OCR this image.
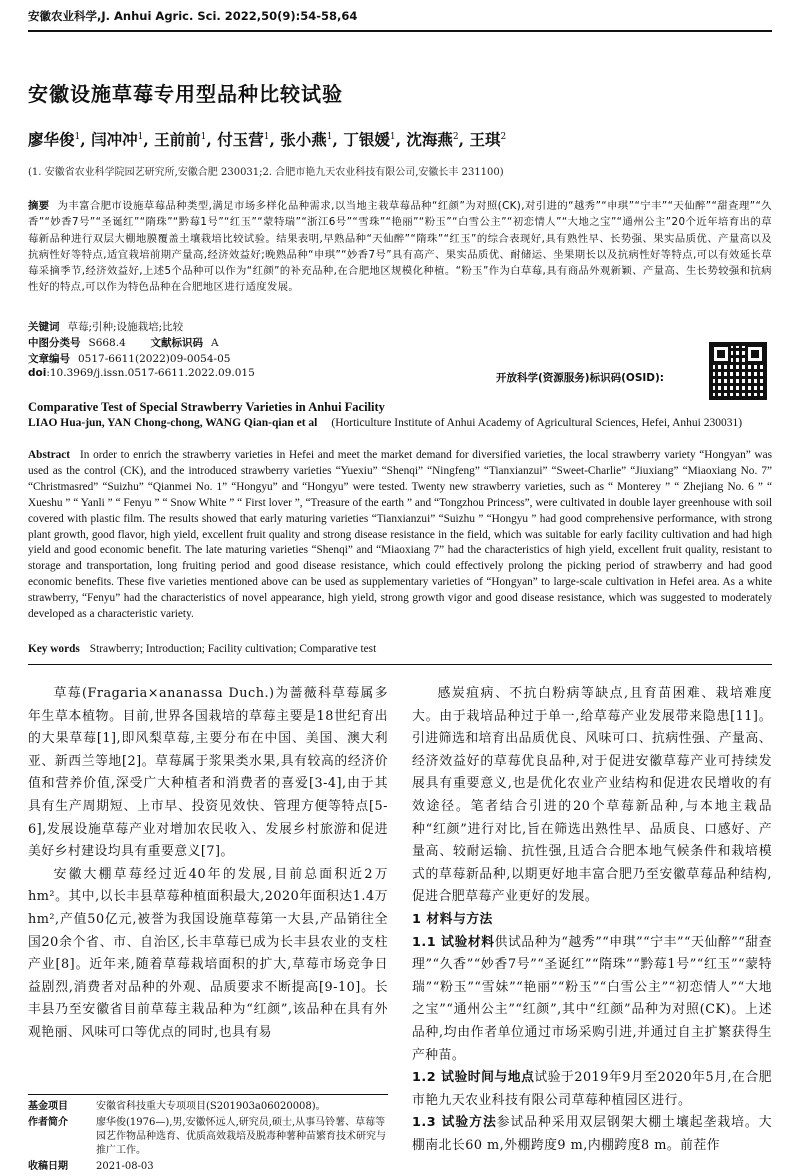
安徽农业科学,J. Anhui Agric. Sci. 2022,50(9):54-58,64
安徽设施草莓专用型品种比较试验
廖华俊$^1$, 闫冲冲$^1$, 王前前$^1$, 付玉营$^1$, 张小燕$^1$, 丁银媛$^1$, 沈海燕$^2$, 王琪$^2$
(1. 安徽省农业科学院园艺研究所,安徽合肥 230031;2. 合肥市艳九天农业科技有限公司,安徽长丰 231100)
摘要 为丰富合肥市设施草莓品种类型,满足市场多样化品种需求,以当地主栽草莓品种“红颜”为对照(CK),对引进的“越秀”“申琪”“宁丰”“天仙醉”“甜查理”“久香”“妙香7号”“圣诞红”“隋珠”“黔莓1号”“红玉”“蒙特瑞”“浙江6号”“雪珠”“艳丽”“粉玉”“白雪公主”“初恋情人”“大地之宝”“通州公主”20个近年培育出的草莓新品种进行双层大棚地膜覆盖土壤栽培比较试验。结果表明,早熟品种“天仙醉”“隋珠”“红玉”的综合表现好,具有熟性早、长势强、果实品质优、产量高以及抗病性好等特点,适宜栽培前期产量高,经济效益好;晚熟品种“申琪”“妙香7号”具有高产、果实品质优、耐储运、坐果期长以及抗病性好等特点,可以有效延长草莓采摘季节,经济效益好,上述5个品种可以作为“红颜”的补充品种,在合肥地区规模化种植。“粉玉”作为白草莓,具有商品外观新颖、产量高、生长势较强和抗病性好的特点,可以作为特色品种在合肥地区进行适度发展。
关键词 草莓;引种;设施栽培;比较
中图分类号 S668.4 文献标识码 A
文章编号 0517-6611(2022)09-0054-05
doi:10.3969/j.issn.0517-6611.2022.09.015	开放科学(资源服务)标识码(OSID):
Comparative Test of Special Strawberry Varieties in Anhui Facility
LIAO Hua-jun, YAN Chong-chong, WANG Qian-qian et al (Horticulture Institute of Anhui Academy of Agricultural Sciences, Hefei, Anhui 230031)
Abstract In order to enrich the strawberry varieties in Hefei and meet the market demand for diversified varieties, the local strawberry variety “Hongyan” was used as the control (CK), and the introduced strawberry varieties “Yuexiu” “Shenqi” “Ningfeng” “Tianxianzui” “Sweet-Charlie” “Jiuxiang” “Miaoxiang No. 7” “Christmasred” “Suizhu” “Qianmei No. 1” “Hongyu” and “Hongyu” were tested. Twenty new strawberry varieties, such as “ Monterey ” “ Zhejiang No. 6 ” “ Xueshu ” “ Yanli ” “ Fenyu ” “ Snow White ” “ First lover ”, “Treasure of the earth ” and “Tongzhou Princess”, were cultivated in double layer greenhouse with soil covered with plastic film. The results showed that early maturing varieties “Tianxianzui” “Suizhu ” “Hongyu ” had good comprehensive performance, with strong plant growth, good flavor, high yield, excellent fruit quality and strong disease resistance in the field, which was suitable for early facility cultivation and had high yield and good economic benefit. The late maturing varieties “Shenqi” and “Miaoxiang 7” had the characteristics of high yield, excellent fruit quality, resistant to storage and transportation, long fruiting period and good disease resistance, which could effectively prolong the picking period of strawberry and had good economic benefits. These five varieties mentioned above can be used as supplementary varieties of “Hongyan” to large-scale cultivation in Hefei area. As a white strawberry, “Fenyu” had the characteristics of novel appearance, high yield, strong growth vigor and good disease resistance, which was suggested to moderately developed as a characteristic variety.
Key words Strawberry; Introduction; Facility cultivation; Comparative test

草莓(Fragaria×ananassa Duch.)为蔷薇科草莓属多年生草本植物。目前,世界各国栽培的草莓主要是18世纪育出的大果草莓[1],即风梨草莓,主要分布在中国、美国、澳大利亚、新西兰等地[2]。草莓属于浆果类水果,具有较高的经济价值和营养价值,深受广大种植者和消费者的喜爱[3-4],由于其具有生产周期短、上市早、投资见效快、管理方便等特点[5-6],发展设施草莓产业对增加农民收入、发展乡村旅游和促进美好乡村建设均具有重要意义[7]。

安徽大棚草莓经过近40年的发展,目前总面积近2万hm²。其中,以长丰县草莓种植面积最大,2020年面积达1.4万hm²,产值50亿元,被誉为我国设施草莓第一大县,产品销往全国20余个省、市、自治区,长丰草莓已成为长丰县农业的支柱产业[8]。近年来,随着草莓栽培面积的扩大,草莓市场竞争日益剧烈,消费者对品种的外观、品质要求不断提高[9-10]。长丰县乃至安徽省目前草莓主栽品种为“红颜”,该品种在具有外观艳丽、风味可口等优点的同时,也具有易

感炭疽病、不抗白粉病等缺点,且育苗困难、栽培难度大。由于栽培品种过于单一,给草莓产业发展带来隐患[11]。引进筛选和培育出品质优良、风味可口、抗病性强、产量高、经济效益好的草莓优良品种,对于促进安徽草莓产业可持续发展具有重要意义,也是优化农业产业结构和促进农民增收的有效途径。笔者结合引进的20个草莓新品种,与本地主栽品种“红颜”进行对比,旨在筛选出熟性早、品质良、口感好、产量高、较耐运输、抗性强,且适合合肥本地气候条件和栽培模式的草莓新品种,以期更好地丰富合肥乃至安徽草莓品种结构,促进合肥草莓产业更好的发展。

1 材料与方法

1.1 试验材料供试品种为“越秀”“申琪”“宁丰”“天仙醉”“甜查理”“久香”“妙香7号”“圣诞红”“隋珠”“黔莓1号”“红玉”“蒙特瑞”“粉玉”“雪妹”“艳丽”“粉玉”“白雪公主”“初恋情人”“大地之宝”“通州公主”“红颜”,其中“红颜”品种为对照(CK)。上述品种,均由作者单位通过市场采购引进,并通过自主扩繁获得生产种苗。

1.2 试验时间与地点试验于2019年9月至2020年5月,在合肥市艳九天农业科技有限公司草莓种植园区进行。

1.3 试验方法参试品种采用双层钢架大棚土壤起垄栽培。大棚南北长60 m,外棚跨度9 m,内棚跨度8 m。前茬作

基金项目	安徽省科技重大专项项目(S201903a06020008)。
作者简介	廖华俊(1976—),男,安徽怀远人,研究员,硕士,从事马铃薯、草莓等园艺作物品种选育、优质高效栽培及脱毒种薯种苗繁育技术研究与推广工作。
收稿日期	2021-08-03
